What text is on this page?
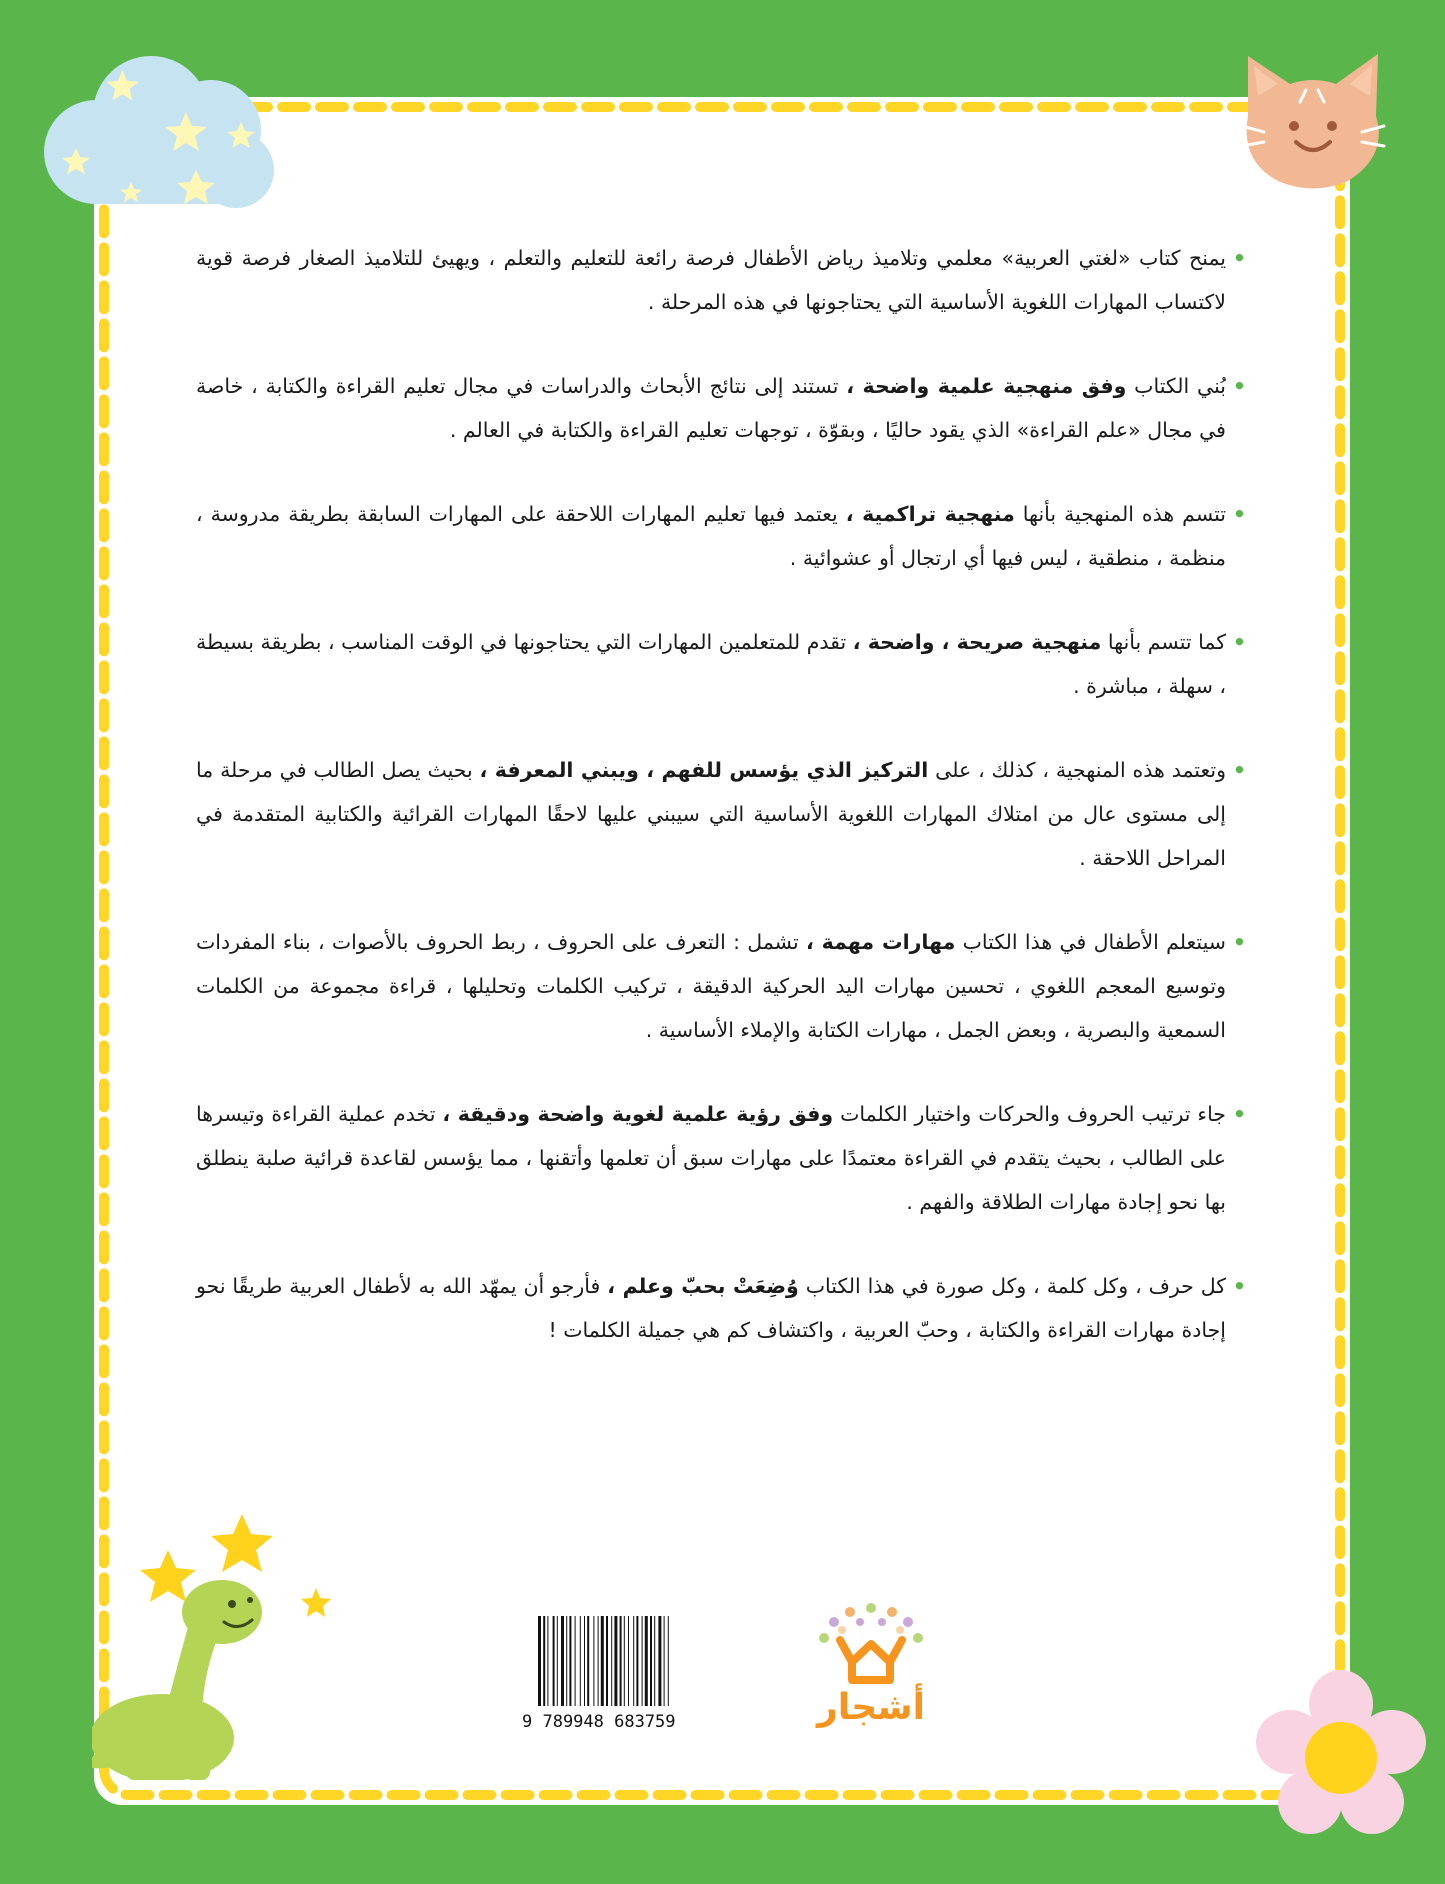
•
يمنح كتاب «لغتي العربية» معلمي وتلاميذ رياض الأطفال فرصة رائعة للتعليم والتعلم ، ويهيئ للتلاميذ الصغار فرصة قوية لاكتساب المهارات اللغوية الأساسية التي يحتاجونها في هذه المرحلة .
•
بُني الكتاب وفق منهجية علمية واضحة ، تستند إلى نتائج الأبحاث والدراسات في مجال تعليم القراءة والكتابة ، خاصة في مجال «علم القراءة» الذي يقود حاليًا ، وبقوّة ، توجهات تعليم القراءة والكتابة في العالم .
•
تتسم هذه المنهجية بأنها منهجية تراكمية ، يعتمد فيها تعليم المهارات اللاحقة على المهارات السابقة بطريقة مدروسة ، منظمة ، منطقية ، ليس فيها أي ارتجال أو عشوائية .
•
كما تتسم بأنها منهجية صريحة ، واضحة ، تقدم للمتعلمين المهارات التي يحتاجونها في الوقت المناسب ، بطريقة بسيطة ، سهلة ، مباشرة .
•
وتعتمد هذه المنهجية ، كذلك ، على التركيز الذي يؤسس للفهم ، ويبني المعرفة ، بحيث يصل الطالب في مرحلة ما إلى مستوى عال من امتلاك المهارات اللغوية الأساسية التي سيبني عليها لاحقًا المهارات القرائية والكتابية المتقدمة في المراحل اللاحقة .
•
سيتعلم الأطفال في هذا الكتاب مهارات مهمة ، تشمل : التعرف على الحروف ، ربط الحروف بالأصوات ، بناء المفردات وتوسيع المعجم اللغوي ، تحسين مهارات اليد الحركية الدقيقة ، تركيب الكلمات وتحليلها ، قراءة مجموعة من الكلمات السمعية والبصرية ، وبعض الجمل ، مهارات الكتابة والإملاء الأساسية .
•
جاء ترتيب الحروف والحركات واختيار الكلمات وفق رؤية علمية لغوية واضحة ودقيقة ، تخدم عملية القراءة وتيسرها على الطالب ، بحيث يتقدم في القراءة معتمدًا على مهارات سبق أن تعلمها وأتقنها ، مما يؤسس لقاعدة قرائية صلبة ينطلق بها نحو إجادة مهارات الطلاقة والفهم .
•
كل حرف ، وكل كلمة ، وكل صورة في هذا الكتاب وُضِعَتْ بحبّ وعلم ، فأرجو أن يمهّد الله به لأطفال العربية طريقًا نحو إجادة مهارات القراءة والكتابة ، وحبّ العربية ، واكتشاف كم هي جميلة الكلمات !
9 789948 683759	أشجار
